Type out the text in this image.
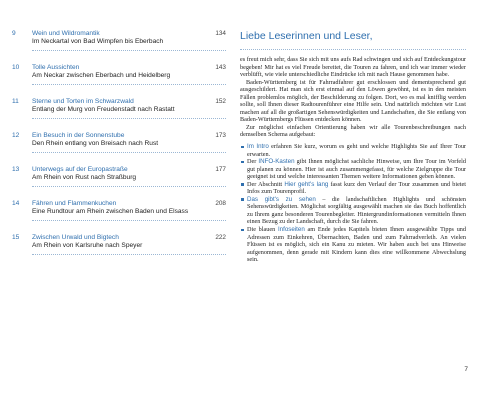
9	Wein und Wildromantik	134
Im Neckartal von Bad Wimpfen bis Eberbach
10	Tolle Aussichten	143
Am Neckar zwischen Eberbach und Heidelberg
11	Sterne und Torten im Schwarzwald	152
Entlang der Murg von Freudenstadt nach Rastatt
12	Ein Besuch in der Sonnenstube	173
Den Rhein entlang von Breisach nach Rust
13	Unterwegs auf der Europastraße	177
Am Rhein von Rust nach Straßburg
14	Fähren und Flammenkuchen	208
Eine Rundtour am Rhein zwischen Baden und Elsass
15	Zwischen Urwald und Bigtech	222
Am Rhein von Karlsruhe nach Speyer
Liebe Leserinnen und Leser,

es freut mich sehr, dass Sie sich mit uns aufs Rad schwingen und sich auf Entdeckungstour begeben! Mir hat es viel Freude bereitet, die Touren zu fahren, und ich war immer wieder verblüfft, wie viele unterschiedliche Eindrücke ich mit nach Hause genommen habe.

Baden-Württemberg ist für Fahrradfahrer gut erschlossen und dementsprechend gut ausgeschildert. Hat man sich erst einmal auf den Löwen gewöhnt, ist es in den meisten Fällen problemlos möglich, der Beschilderung zu folgen. Dort, wo es mal knifflig werden sollte, soll Ihnen dieser Radtourenführer eine Hilfe sein. Und natürlich möchten wir Lust machen auf all die großartigen Sehenswürdigkeiten und Landschaften, die Sie entlang von Baden-Württembergs Flüssen entdecken können.

Zur möglichst einfachen Orientierung haben wir alle Tourenbeschreibungen nach demselben Schema aufgebaut:

Im Intro erfahren Sie kurz, worum es geht und welche Highlights Sie auf Ihrer Tour erwarten.
Der INFO-Kasten gibt Ihnen möglichst sachliche Hinweise, um Ihre Tour im Vorfeld gut planen zu können. Hier ist auch zusammengefasst, für welche Zielgruppe die Tour geeignet ist und welche interessanten Themen weitere Informationen geben können.
Der Abschnitt Hier geht's lang fasst kurz den Verlauf der Tour zusammen und bietet Infos zum Tourenprofil.
Das gibt's zu sehen – die landschaftlichen Highlights und schönsten Sehenswürdigkeiten. Möglichst sorgfältig ausgewählt machen sie das Buch hoffentlich zu Ihrem ganz besonderen Tourenbegleiter. Hintergrundinformationen vermitteln Ihnen einen Bezug zu der Landschaft, durch die Sie fahren.
Die blauen Infoseiten am Ende jedes Kapitels bieten Ihnen ausgewählte Tipps und Adressen zum Einkehren, Übernachten, Baden und zum Fahrradverleih. An vielen Flüssen ist es möglich, sich ein Kanu zu mieten. Wir haben auch bei uns Hinweise aufgenommen, denn gerade mit Kindern kann dies eine willkommene Abwechslung sein.
7
